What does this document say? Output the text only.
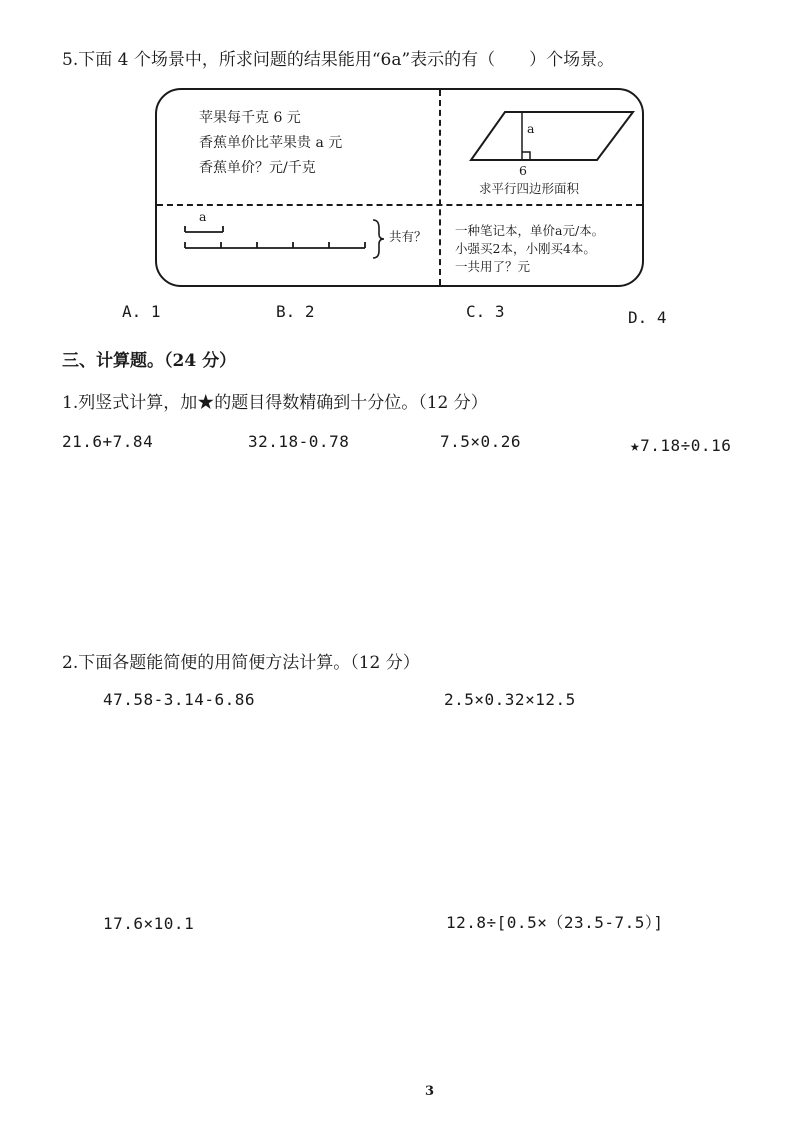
5.下面 4 个场景中，所求问题的结果能用“6a”表示的有（　　）个场景。
苹果每千克 6 元
香蕉单价比苹果贵 a 元
香蕉单价？元/千克
a
6
求平行四边形面积
a
共有？ 一种笔记本，单价a元/本。
小强买2本，小刚买4本。
一共用了？元
A. 1	B. 2	C. 3	D. 4
三、计算题。（24 分）
1.列竖式计算，加★的题目得数精确到十分位。（12 分）
21.6+7.84	32.18-0.78	7.5×0.26	★7.18÷0.16
2.下面各题能简便的用简便方法计算。（12 分）
47.58-3.14-6.86	2.5×0.32×12.5
17.6×10.1	12.8÷[0.5×（23.5-7.5）]
3
